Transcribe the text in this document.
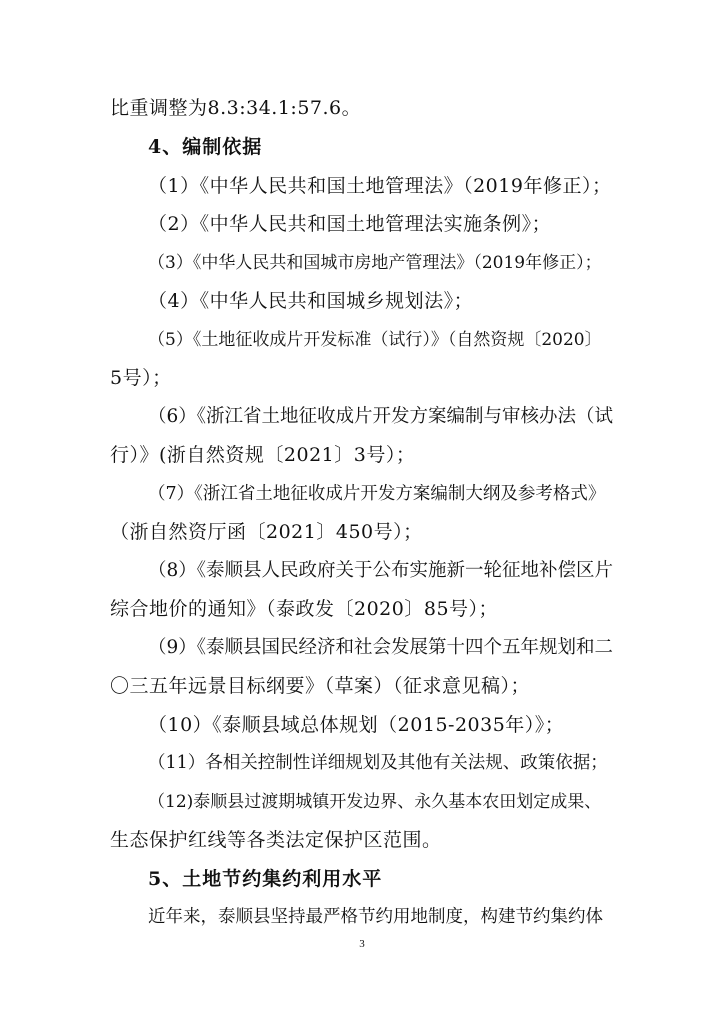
比重调整为8.3:34.1:57.6。
4、编制依据
（1）《中华人民共和国土地管理法》（2019年修正）；
（2）《中华人民共和国土地管理法实施条例》；
（3）《中华人民共和国城市房地产管理法》（2019年修正）；
（4）《中华人民共和国城乡规划法》；
（5）《土地征收成片开发标准（试行）》（自然资规〔2020〕
5号）；
（6）《浙江省土地征收成片开发方案编制与审核办法（试
行）》(浙自然资规〔2021〕3号）；
（7）《浙江省土地征收成片开发方案编制大纲及参考格式》
（浙自然资厅函〔2021〕450号）；
（8）《泰顺县人民政府关于公布实施新一轮征地补偿区片
综合地价的通知》（泰政发〔2020〕85号）；
（9）《泰顺县国民经济和社会发展第十四个五年规划和二
〇三五年远景目标纲要》（草案）（征求意见稿）；
（10）《泰顺县域总体规划（2015-2035年）》；
（11）各相关控制性详细规划及其他有关法规、政策依据；
（12)泰顺县过渡期城镇开发边界、永久基本农田划定成果、
生态保护红线等各类法定保护区范围。
5、土地节约集约利用水平
近年来，泰顺县坚持最严格节约用地制度，构建节约集约体
3
